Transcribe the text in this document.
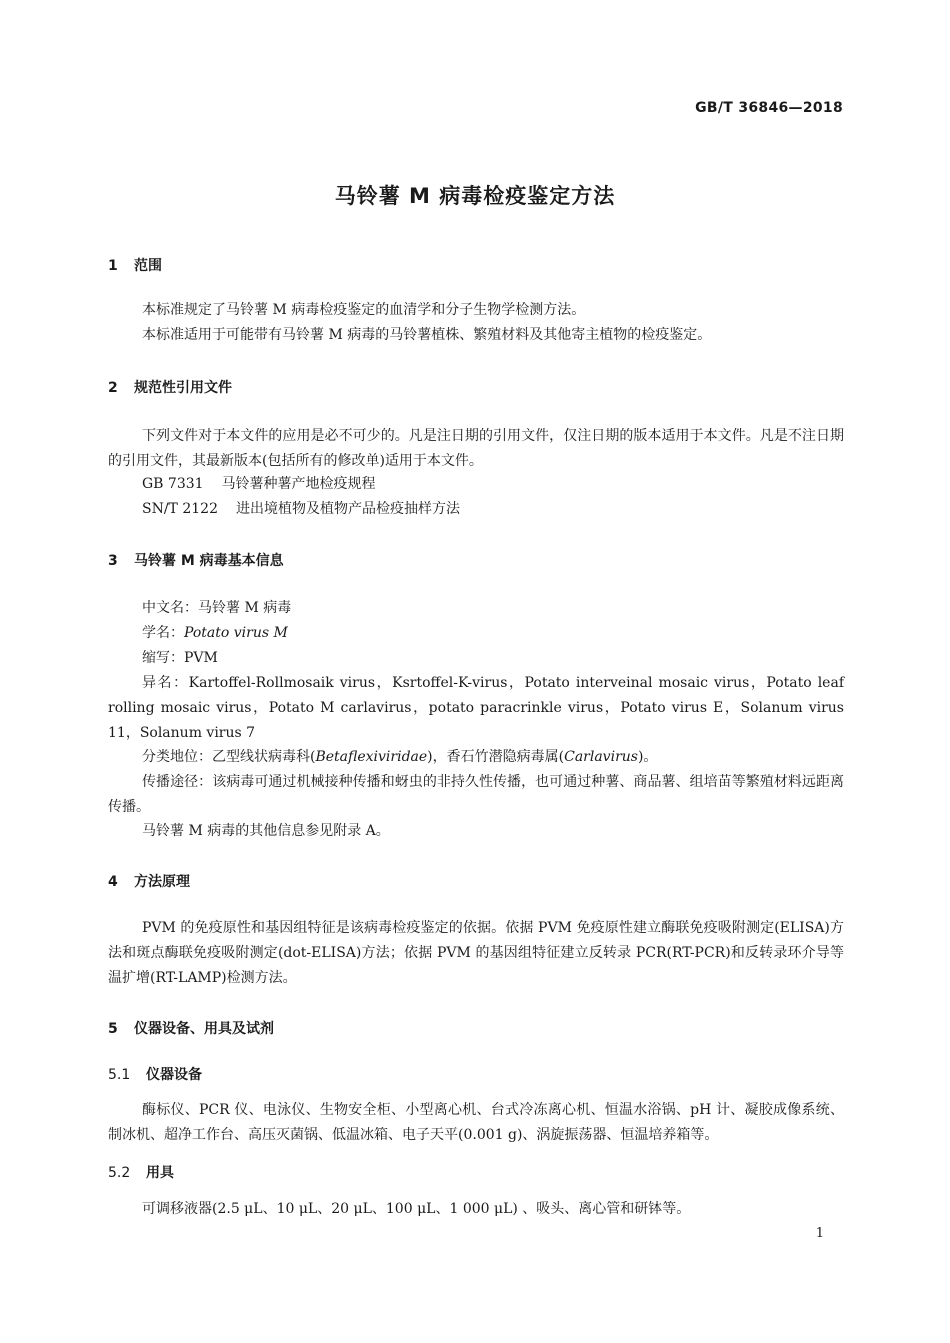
GB/T 36846—2018
马铃薯 M 病毒检疫鉴定方法
1 范围
本标准规定了马铃薯 M 病毒检疫鉴定的血清学和分子生物学检测方法。
本标准适用于可能带有马铃薯 M 病毒的马铃薯植株、繁殖材料及其他寄主植物的检疫鉴定。
2 规范性引用文件
下列文件对于本文件的应用是必不可少的。凡是注日期的引用文件，仅注日期的版本适用于本文件。凡是不注日期的引用文件，其最新版本(包括所有的修改单)适用于本文件。
GB 7331 马铃薯种薯产地检疫规程
SN/T 2122 进出境植物及植物产品检疫抽样方法
3 马铃薯 M 病毒基本信息
中文名：马铃薯 M 病毒
学名：Potato virus M
缩写：PVM
异名：Kartoffel-Rollmosaik virus，Ksrtoffel-K-virus，Potato interveinal mosaic virus，Potato leaf rolling mosaic virus，Potato M carlavirus，potato paracrinkle virus，Potato virus E，Solanum virus 11，Solanum virus 7
分类地位：乙型线状病毒科(Betaflexiviridae)，香石竹潜隐病毒属(Carlavirus)。
传播途径：该病毒可通过机械接种传播和蚜虫的非持久性传播，也可通过种薯、商品薯、组培苗等繁殖材料远距离传播。
马铃薯 M 病毒的其他信息参见附录 A。
4 方法原理
PVM 的免疫原性和基因组特征是该病毒检疫鉴定的依据。依据 PVM 免疫原性建立酶联免疫吸附测定(ELISA)方法和斑点酶联免疫吸附测定(dot-ELISA)方法；依据 PVM 的基因组特征建立反转录 PCR(RT-PCR)和反转录环介导等温扩增(RT-LAMP)检测方法。
5 仪器设备、用具及试剂
5.1 仪器设备
酶标仪、PCR 仪、电泳仪、生物安全柜、小型离心机、台式冷冻离心机、恒温水浴锅、pH 计、凝胶成像系统、制冰机、超净工作台、高压灭菌锅、低温冰箱、电子天平(0.001 g)、涡旋振荡器、恒温培养箱等。
5.2 用具
可调移液器(2.5 μL、10 μL、20 μL、100 μL、1 000 μL) 、吸头、离心管和研钵等。
1
